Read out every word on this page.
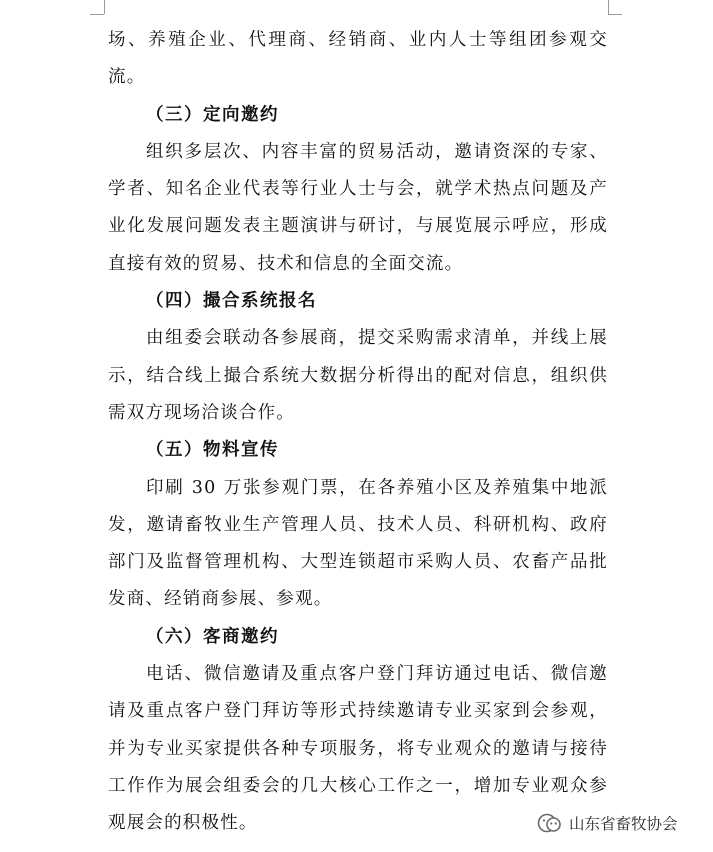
场、养殖企业、代理商、经销商、业内人士等组团参观交流。

（三）定向邀约

组织多层次、内容丰富的贸易活动，邀请资深的专家、学者、知名企业代表等行业人士与会，就学术热点问题及产业化发展问题发表主题演讲与研讨，与展览展示呼应，形成直接有效的贸易、技术和信息的全面交流。

（四）撮合系统报名

由组委会联动各参展商，提交采购需求清单，并线上展示，结合线上撮合系统大数据分析得出的配对信息，组织供需双方现场洽谈合作。

（五）物料宣传

印刷 30 万张参观门票，在各养殖小区及养殖集中地派发，邀请畜牧业生产管理人员、技术人员、科研机构、政府部门及监督管理机构、大型连锁超市采购人员、农畜产品批发商、经销商参展、参观。

（六）客商邀约

电话、微信邀请及重点客户登门拜访通过电话、微信邀请及重点客户登门拜访等形式持续邀请专业买家到会参观，并为专业买家提供各种专项服务，将专业观众的邀请与接待工作作为展会组委会的几大核心工作之一，增加专业观众参观展会的积极性。	山东省畜牧协会
